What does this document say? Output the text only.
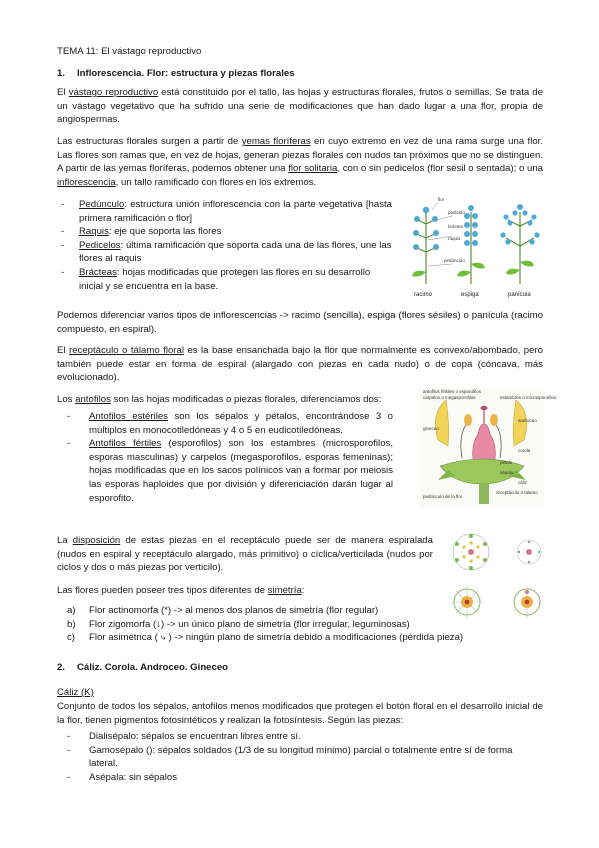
TEMA 11: El vástago reproductivo
1. Inflorescencia. Flor: estructura y piezas florales
El vástago reproductivo está constituido por el tallo, las hojas y estructuras florales, frutos o semillas. Se trata de un vástago vegetativo que ha sufrido una serie de modificaciones que han dado lugar a una flor, propia de angiospermas.
Las estructuras florales surgen a partir de yemas floríferas en cuyo extremo en vez de una rama surge una flor. Las flores son ramas que, en vez de hojas, generan piezas florales con nudos tan próximos que no se distinguen. A partir de las yemas floríferas, podemos obtener una flor solitaria, con o sin pedicelos (flor sésil o sentada); o una inflorescencia, un tallo ramificado con flores en los extremos.
- Pedúnculo: estructura unión inflorescencia con la parte vegetativa [hasta primera ramificación o flor]
- Raquis: eje que soporta las flores
- Pedicelos: última ramificación que soporta cada una de las flores, une las flores al raquis
- Brácteas: hojas modificadas que protegen las flores en su desarrollo inicial y se encuentra en la base.
flor
pedicelo
bráctea
raquis
pedúnculo
racimo	espiga	panícula
Podemos diferenciar varios tipos de inflorescencias -> racimo (sencilla), espiga (flores sésiles) o panícula (racimo compuesto, en espiral).
El receptáculo o tálamo floral es la base ensanchada bajo la flor que normalmente es convexo/abombado, pero también puede estar en forma de espiral (alargado con piezas en cada nudo) o de copa (cóncava, más evolucionado).
Los antofilos son las hojas modificadas o piezas florales, diferenciamos dos:
- Antofilos estériles son los sépalos y pétalos, encontrándose 3 o múltiplos en monocotiledóneas y 4 o 5 en eudicotiledóneas.
- Antofilos fértiles (esporofilos) son los estambres (microsporofilos, esporas masculinas) y carpelos (megasporofilos, esporas femeninas); hojas modificadas que en los sacos polínicos van a formar por meiosis las esporas haploides que por división y diferenciación darán lugar al esporofito.
antofilos fértiles o esporofilos
carpelos o megasporofilos	estambres o microsporofilos
gineceo
androceo
corola
cáliz
pétalo
sépalo
receptáculo o tálamo
pedúnculo de la flor
La disposición de estas piezas en el receptáculo puede ser de manera espiralada (nudos en espiral y receptáculo alargado, más primitivo) o cíclica/verticilada (nudos por ciclos y dos o más piezas por verticilo).
Las flores pueden poseer tres tipos diferentes de simetría:
a) Flor actinomorfa (*) -> al menos dos planos de simetría (flor regular)
b) Flor zigomorfa (↓) -> un único plano de simetría (flor irregular, leguminosas)
c) Flor asimétrica ( ⤷ ) -> ningún plano de simetría debido a modificaciones (pérdida pieza)
2. Cáliz. Corola. Androceo. Gineceo
Cáliz (K)
Conjunto de todos los sépalos, antofilos menos modificados que protegen el botón floral en el desarrollo inicial de la flor, tienen pigmentos fotosintéticos y realizan la fotosíntesis. Según las piezas:
- Dialisépalo: sépalos se encuentran libres entre sí.
- Gamosépalo (): sépalos soldados (1/3 de su longitud mínimo) parcial o totalmente entre sí de forma lateral.
- Asépala: sin sépalos
